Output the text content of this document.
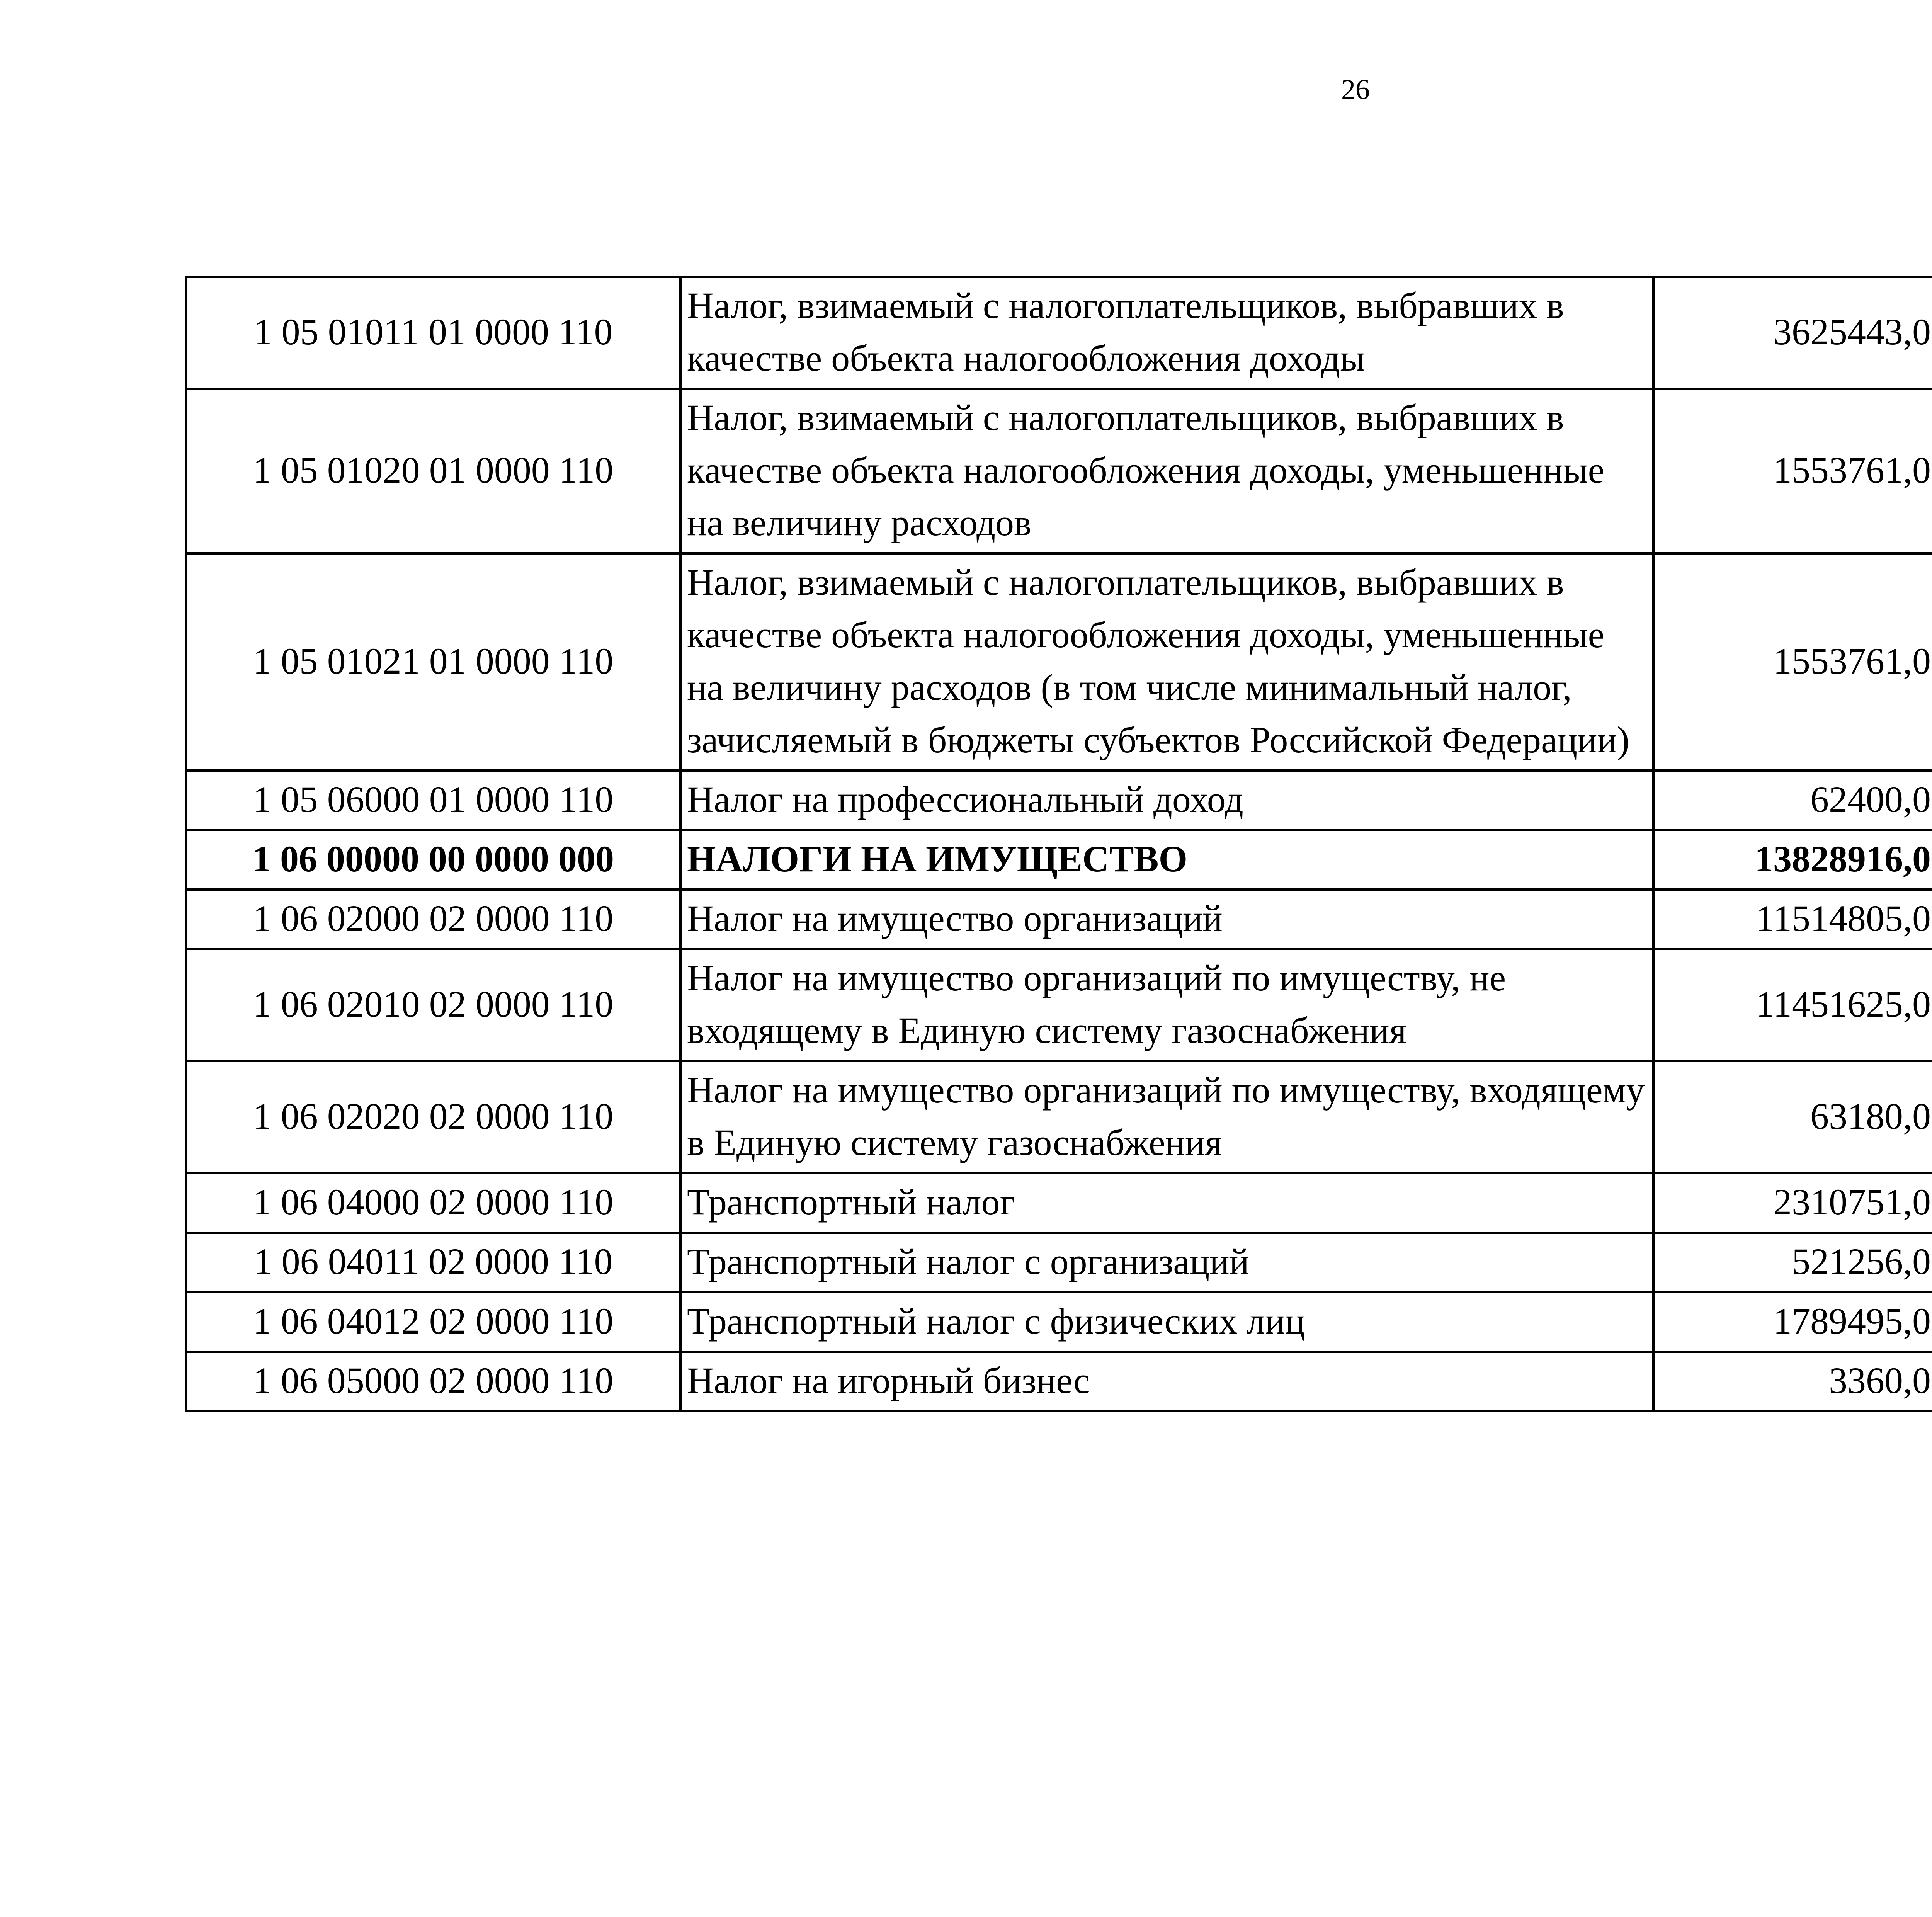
26
1 05 01011 01 0000 110	Налог, взимаемый с налогоплательщиков, выбравших в качестве объекта налогообложения доходы	3625443,0		
1 05 01020 01 0000 110	Налог, взимаемый с налогоплательщиков, выбравших в качестве объекта налогообложения доходы, уменьшенные на величину расходов	1553761,0		
1 05 01021 01 0000 110	Налог, взимаемый с налогоплательщиков, выбравших в качестве объекта налогообложения доходы, уменьшенные на величину расходов (в том числе минимальный налог, зачисляемый в бюджеты субъектов Российской Федерации)	1553761,0		
1 05 06000 01 0000 110	Налог на профессиональный доход	62400,0		
1 06 00000 00 0000 000	НАЛОГИ НА ИМУЩЕСТВО	13828916,0		
1 06 02000 02 0000 110	Налог на имущество организаций	11514805,0		
1 06 02010 02 0000 110	Налог на имущество организаций по имуществу, не входящему в Единую систему газоснабжения	11451625,0		
1 06 02020 02 0000 110	Налог на имущество организаций по имуществу, входящему в Единую систему газоснабжения	63180,0		
1 06 04000 02 0000 110	Транспортный налог	2310751,0		
1 06 04011 02 0000 110	Транспортный налог с организаций	521256,0		
1 06 04012 02 0000 110	Транспортный налог с физических лиц	1789495,0		
1 06 05000 02 0000 110	Налог на игорный бизнес	3360,0		
